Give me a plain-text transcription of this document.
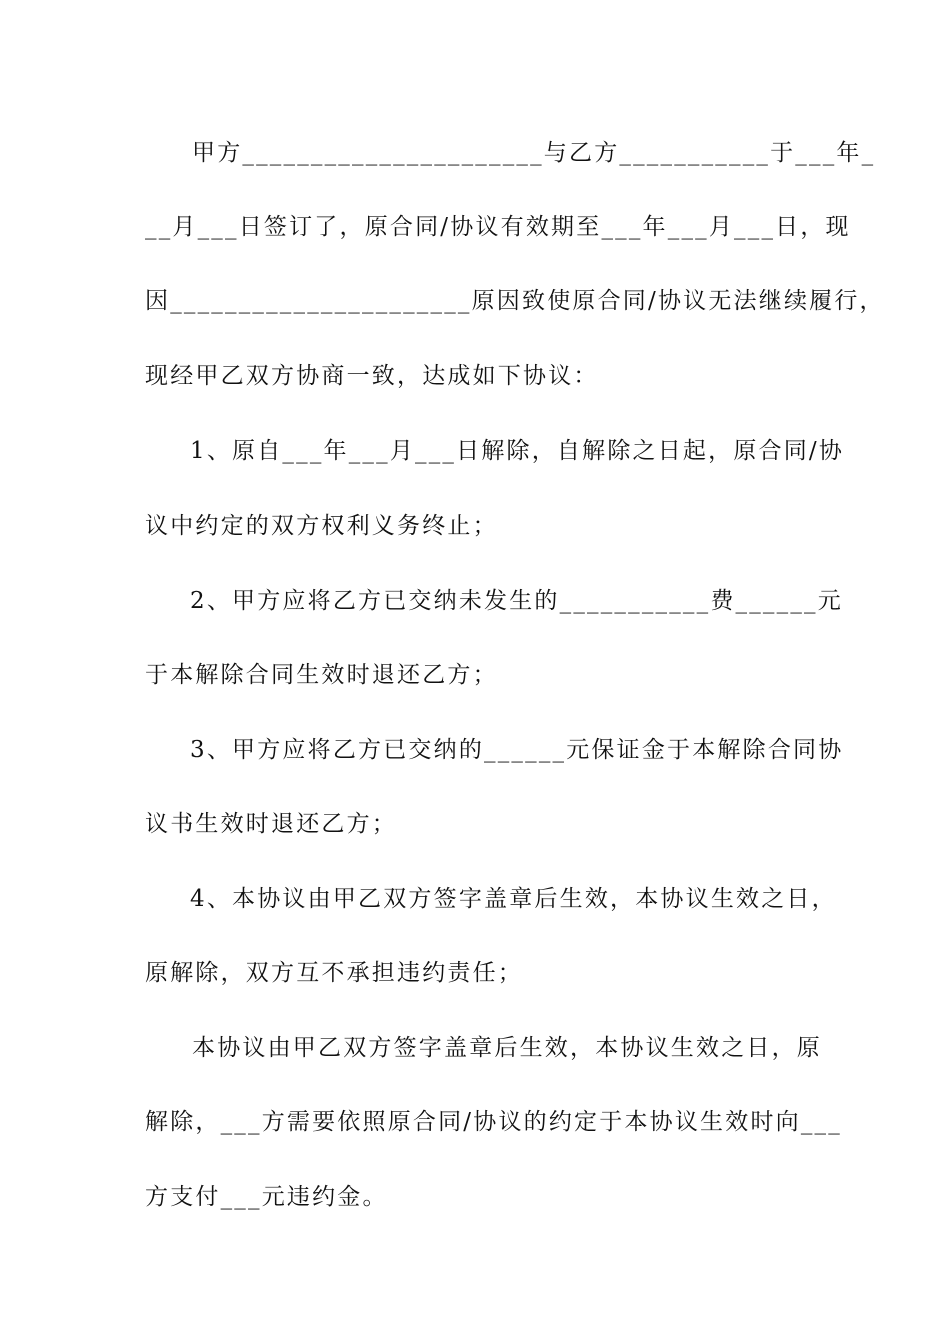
甲方______________________与乙方___________于___年_
__月___日签订了，原合同/协议有效期至___年___月___日，现
因______________________原因致使原合同/协议无法继续履行，
现经甲乙双方协商一致，达成如下协议：
1、原自___年___月___日解除，自解除之日起，原合同/协
议中约定的双方权利义务终止；
2、甲方应将乙方已交纳未发生的___________费______元
于本解除合同生效时退还乙方；
3、甲方应将乙方已交纳的______元保证金于本解除合同协
议书生效时退还乙方；
4、本协议由甲乙双方签字盖章后生效，本协议生效之日，
原解除，双方互不承担违约责任；
本协议由甲乙双方签字盖章后生效，本协议生效之日，原
解除，___方需要依照原合同/协议的约定于本协议生效时向___
方支付___元违约金。
